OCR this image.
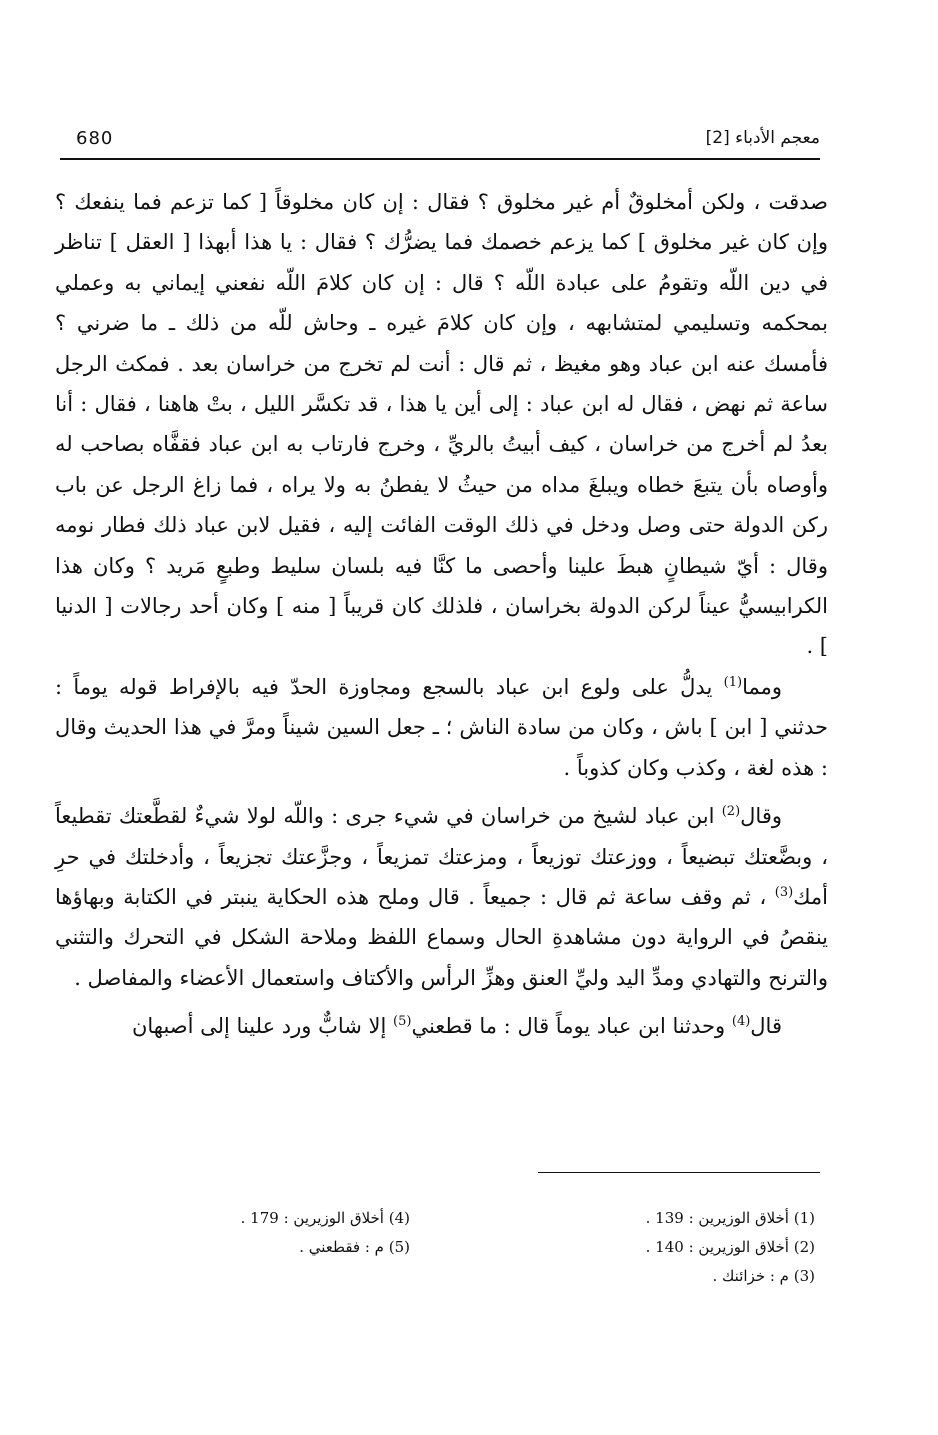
680	معجم الأدباء [2]

صدقت ، ولكن أمخلوقٌ أم غير مخلوق ؟ فقال : إن كان مخلوقاً [ كما تزعم فما ينفعك ؟ وإن كان غير مخلوق ] كما يزعم خصمك فما يضرُّك ؟ فقال : يا هذا أبهذا [ العقل ] تناظر في دين اللّه وتقومُ على عبادة اللّه ؟ قال : إن كان كلامَ اللّه نفعني إيماني به وعملي بمحكمه وتسليمي لمتشابهه ، وإن كان كلامَ غيره ـ وحاش للّه من ذلك ـ ما ضرني ؟ فأمسك عنه ابن عباد وهو مغيظ ، ثم قال : أنت لم تخرج من خراسان بعد . فمكث الرجل ساعة ثم نهض ، فقال له ابن عباد : إلى أين يا هذا ، قد تكسَّر الليل ، بتْ هاهنا ، فقال : أنا بعدُ لم أخرج من خراسان ، كيف أبيتُ بالريِّ ، وخرج فارتاب به ابن عباد فقفَّاه بصاحب له وأوصاه بأن يتبعَ خطاه ويبلغَ مداه من حيثُ لا يفطنُ به ولا يراه ، فما زاغ الرجل عن باب ركن الدولة حتى وصل ودخل في ذلك الوقت الفائت إليه ، فقيل لابن عباد ذلك فطار نومه وقال : أيّ شيطانٍ هبطَ علينا وأحصى ما كنَّا فيه بلسان سليط وطبعٍ مَريد ؟ وكان هذا الكرابيسيُّ عيناً لركن الدولة بخراسان ، فلذلك كان قريباً [ منه ] وكان أحد رجالات [ الدنيا ] .

ومما$^{(1)}$ يدلُّ على ولوع ابن عباد بالسجع ومجاوزة الحدّ فيه بالإفراط قوله يوماً : حدثني [ ابن ] باش ، وكان من سادة الناش ؛ ـ جعل السين شيناً ومرَّ في هذا الحديث وقال : هذه لغة ، وكذب وكان كذوباً .

وقال$^{(2)}$ ابن عباد لشيخ من خراسان في شيء جرى : واللّه لولا شيءٌ لقطَّعتك تقطيعاً ، وبضَّعتك تبضيعاً ، ووزعتك توزيعاً ، ومزعتك تمزيعاً ، وجزَّعتك تجزيعاً ، وأدخلتك في حرِ أمك$^{(3)}$ ، ثم وقف ساعة ثم قال : جميعاً . قال وملح هذه الحكاية ينبتر في الكتابة وبهاؤها ينقصُ في الرواية دون مشاهدةِ الحال وسماع اللفظ وملاحة الشكل في التحرك والتثني والترنح والتهادي ومدِّ اليد وليِّ العنق وهزِّ الرأس والأكتاف واستعمال الأعضاء والمفاصل .

قال$^{(4)}$ وحدثنا ابن عباد يوماً قال : ما قطعني$^{(5)}$ إلا شابٌّ ورد علينا إلى أصبهان

(1) أخلاق الوزيرين : 139 .
(2) أخلاق الوزيرين : 140 .
(3) م : خزائنك .
(4) أخلاق الوزيرين : 179 .
(5) م : فقطعني .
